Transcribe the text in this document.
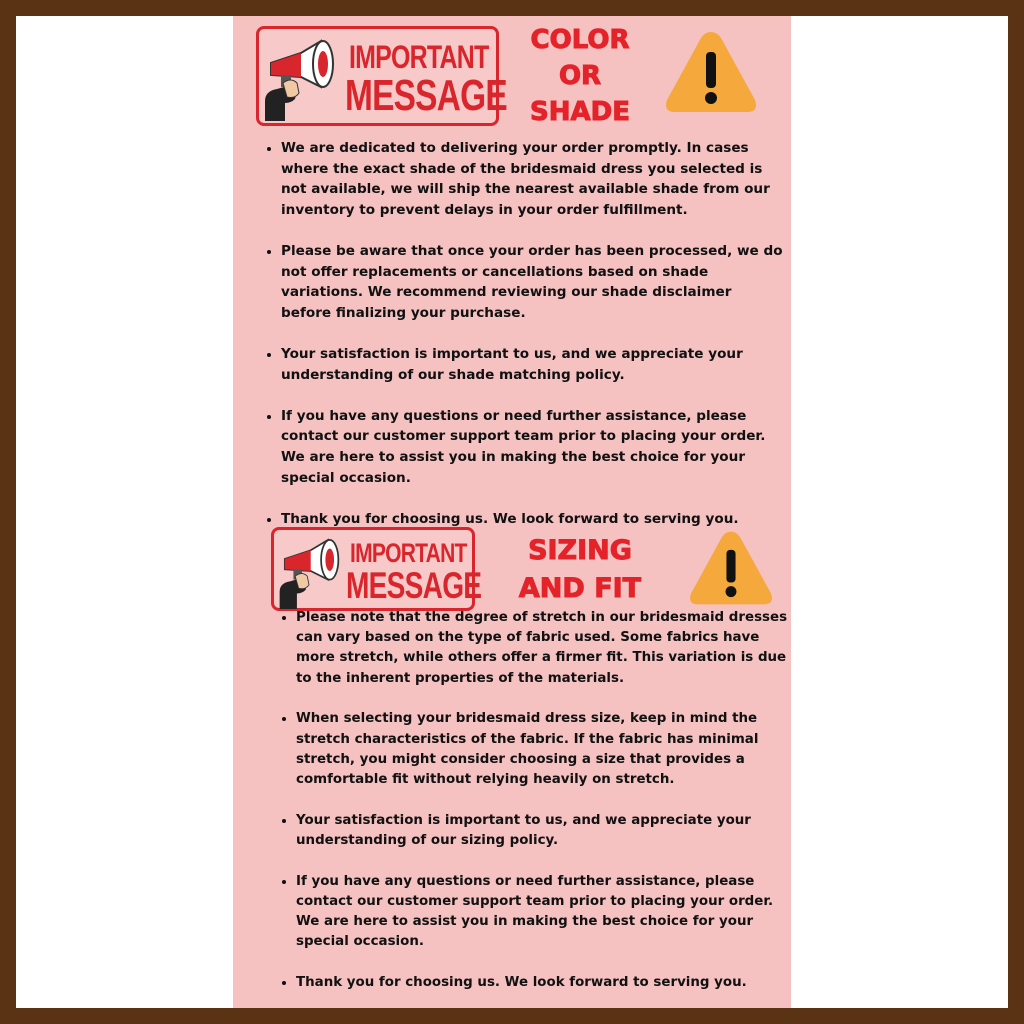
IMPORTANT
MESSAGE
COLOR
OR
SHADE
• We are dedicated to delivering your order promptly. In cases where the exact shade of the bridesmaid dress you selected is not available, we will ship the nearest available shade from our inventory to prevent delays in your order fulfillment.
• Please be aware that once your order has been processed, we do not offer replacements or cancellations based on shade variations. We recommend reviewing our shade disclaimer before finalizing your purchase.
• Your satisfaction is important to us, and we appreciate your understanding of our shade matching policy.
• If you have any questions or need further assistance, please contact our customer support team prior to placing your order. We are here to assist you in making the best choice for your special occasion.
• Thank you for choosing us. We look forward to serving you.
IMPORTANT
MESSAGE
SIZING
AND FIT
• Please note that the degree of stretch in our bridesmaid dresses can vary based on the type of fabric used. Some fabrics have more stretch, while others offer a firmer fit. This variation is due to the inherent properties of the materials.
• When selecting your bridesmaid dress size, keep in mind the stretch characteristics of the fabric. If the fabric has minimal stretch, you might consider choosing a size that provides a comfortable fit without relying heavily on stretch.
• Your satisfaction is important to us, and we appreciate your understanding of our sizing policy.
• If you have any questions or need further assistance, please contact our customer support team prior to placing your order. We are here to assist you in making the best choice for your special occasion.
• Thank you for choosing us. We look forward to serving you.
